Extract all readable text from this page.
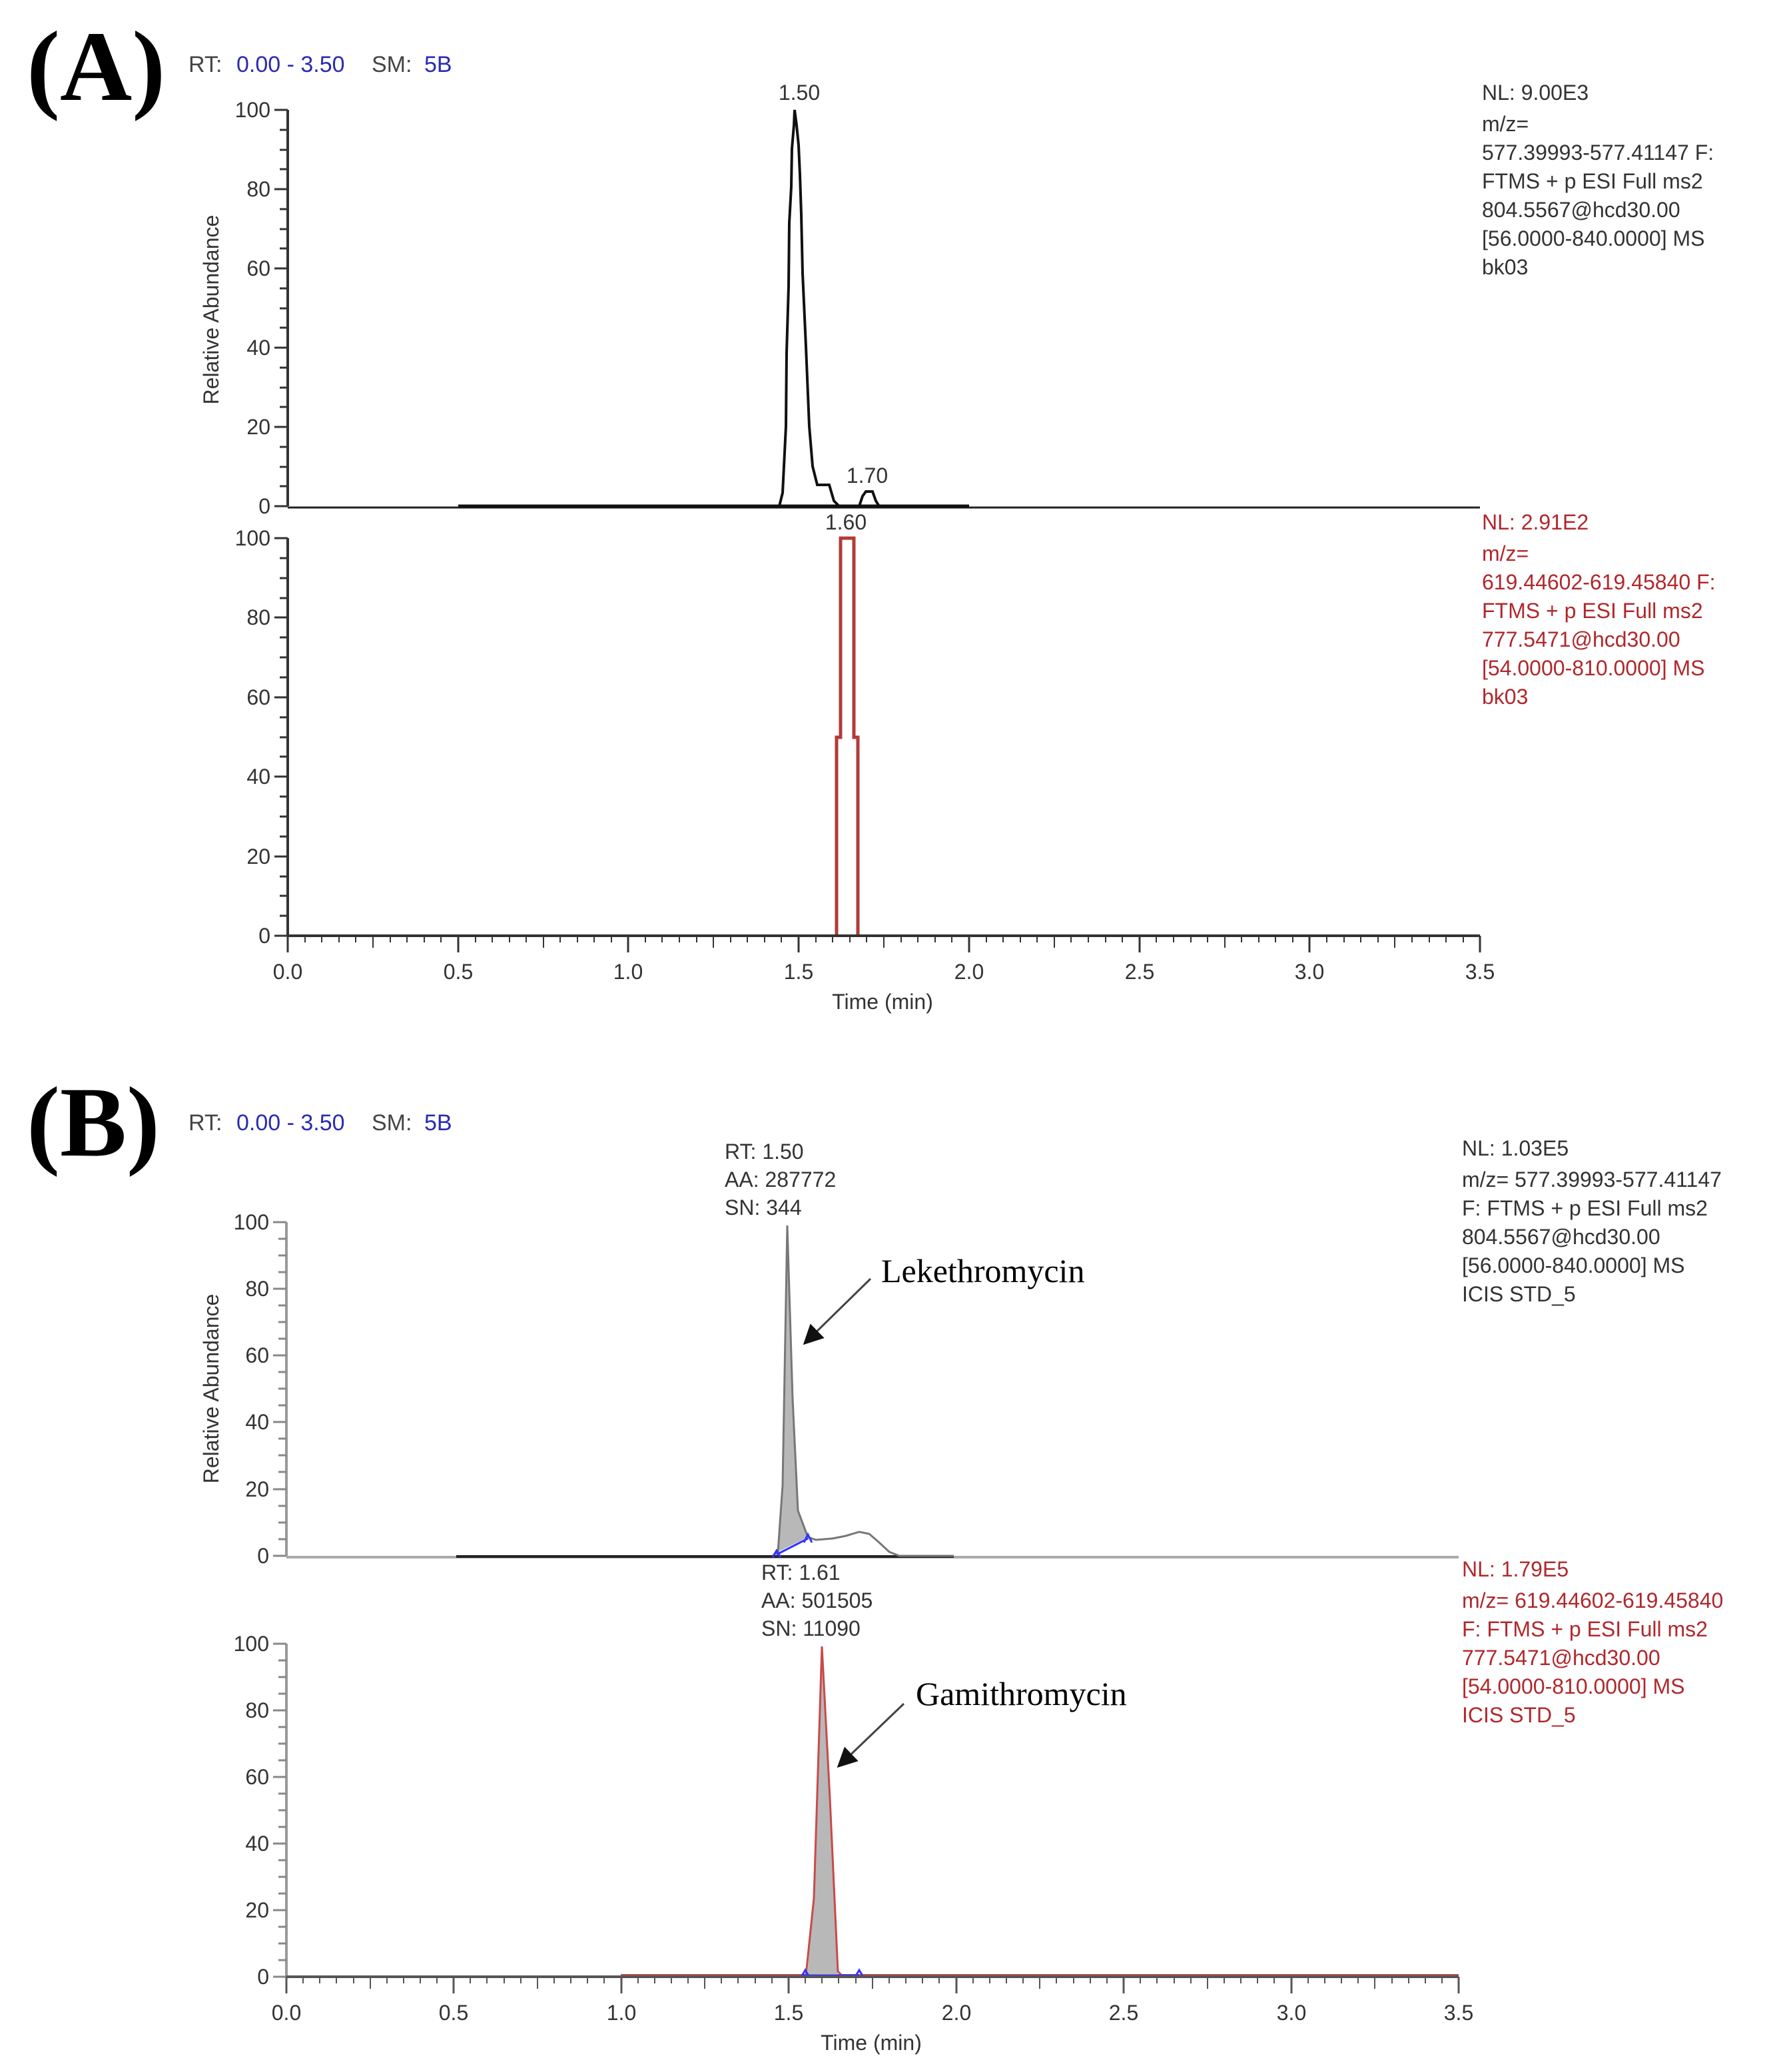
(A) RT: 0.00 - 3.50 SM: 5B
Relative Abundance
100
80
60
40
20
0
1.50
1.70
NL: 9.00E3
m/z=
577.39993-577.41147 F:
FTMS + p ESI Full ms2
804.5567@hcd30.00
[56.0000-840.0000] MS
bk03
100
80
60
40
20
0
1.60
0.0	0.5	1.0	1.5	2.0	2.5	3.0	3.5
Time (min)
NL: 2.91E2
m/z=
619.44602-619.45840 F:
FTMS + p ESI Full ms2
777.5471@hcd30.00
[54.0000-810.0000] MS
bk03
(B) RT: 0.00 - 3.50 SM: 5B
Relative Abundance
100
80
60
40
20
0
RT: 1.50
AA: 287772
SN: 344
Lekethromycin
NL: 1.03E5
m/z= 577.39993-577.41147
F: FTMS + p ESI Full ms2
804.5567@hcd30.00
[56.0000-840.0000] MS
ICIS STD_5
100
80
60
40
20
0
RT: 1.61
AA: 501505
SN: 11090
Gamithromycin
0.0	0.5	1.0	1.5	2.0	2.5	3.0	3.5
Time (min)
NL: 1.79E5
m/z= 619.44602-619.45840
F: FTMS + p ESI Full ms2
777.5471@hcd30.00
[54.0000-810.0000] MS
ICIS STD_5
